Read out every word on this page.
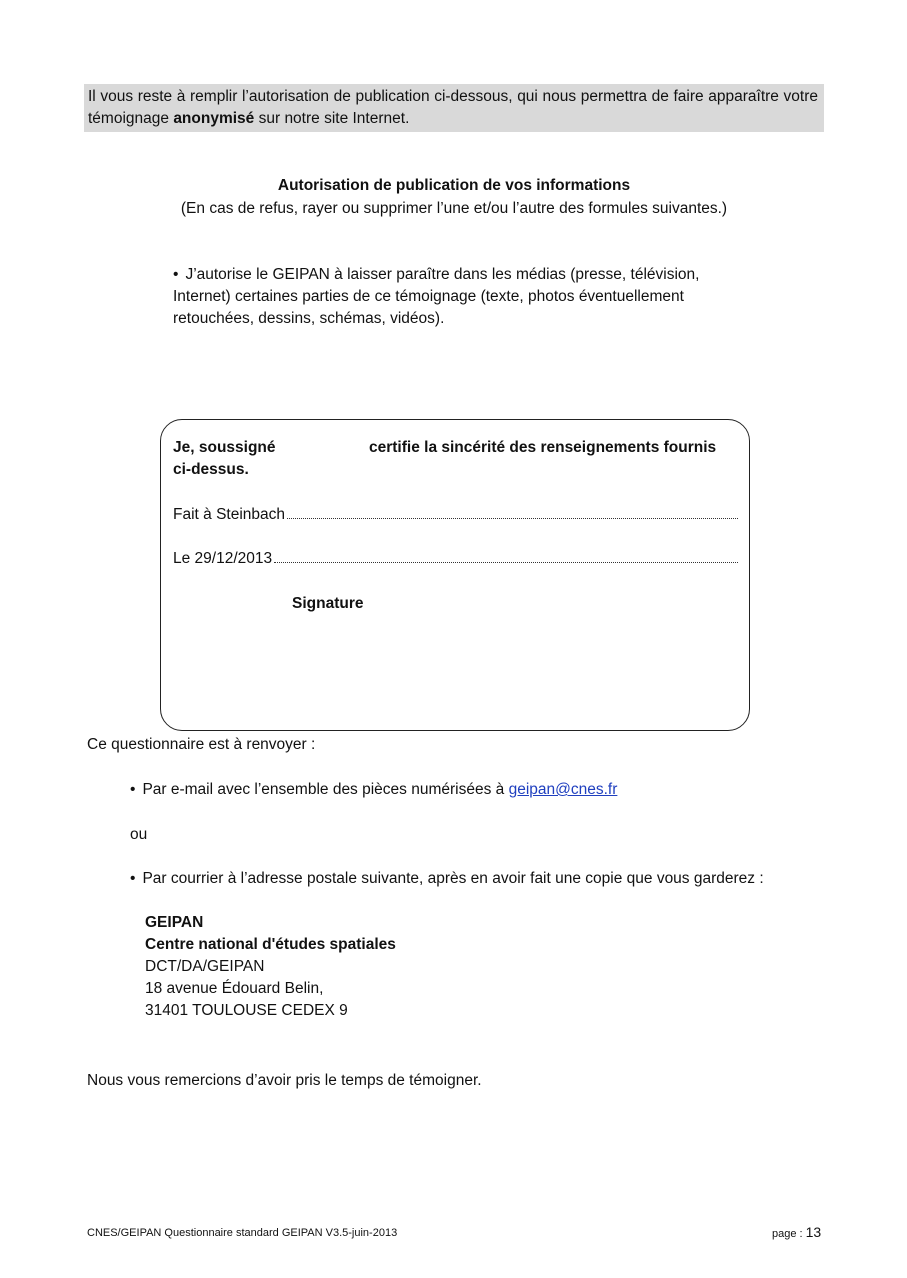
Il vous reste à remplir l’autorisation de publication ci-dessous, qui nous permettra de faire apparaître votre témoignage anonymisé sur notre site Internet.
Autorisation de publication de vos informations
(En cas de refus, rayer ou supprimer l’une et/ou l’autre des formules suivantes.)
• J’autorise le GEIPAN à laisser paraître dans les médias (presse, télévision,
Internet) certaines parties de ce témoignage (texte, photos éventuellement
retouchées, dessins, schémas, vidéos).
Je, soussigné	certifie la sincérité des renseignements fournis
ci-dessus.
Fait à Steinbach
Le 29/12/2013
Signature
Ce questionnaire est à renvoyer :
• Par e-mail avec l’ensemble des pièces numérisées à geipan@cnes.fr
ou
• Par courrier à l’adresse postale suivante, après en avoir fait une copie que vous garderez :
GEIPAN
Centre national d'études spatiales
DCT/DA/GEIPAN
18 avenue Édouard Belin,
31401 TOULOUSE CEDEX 9
Nous vous remercions d’avoir pris le temps de témoigner.
CNES/GEIPAN Questionnaire standard GEIPAN V3.5-juin-2013	page : 13
